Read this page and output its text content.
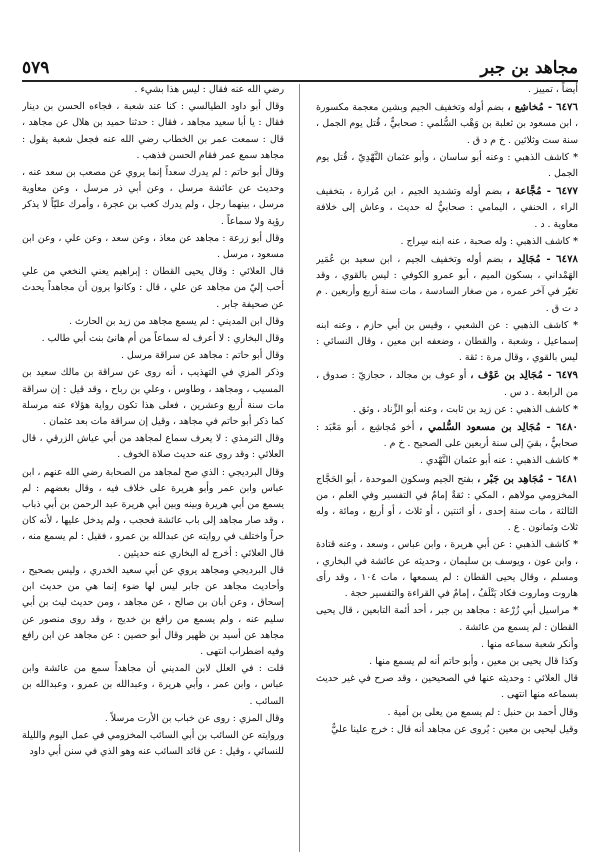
مجاهد بن جبر
٥٧٩

أيضاً ، تمييز .

٦٤٧٦ - مُخاشِع ، بضم أوله وتخفيف الجيم وبشين معجمة مكسورة ، ابن مسعود بن ثعلبة بن وَهْب السُّلمي : صحابيٌّ ، قُتل يوم الجمل ، سنة ست وثلاثين . خ م د ق .

* كاشف الذهبي : وعنه أبو ساسان ، وأبو عثمان النَّهْدِيّ ، قُتل يوم الجمل .

٦٤٧٧ - مُجَّاعة ، بضم أوله وتشديد الجيم ، ابن مُرارة ، بتخفيف الراء ، الحنفي ، اليمامي : صحابيٌّ له حديث ، وعاش إلى خلافة معاوية . د .

* كاشف الذهبي : وله صحبة ، عنه ابنه سِراج .

٦٤٧٨ - مُجَالِد ، بضم أوله وتخفيف الجيم ، ابن سعيد بن عُمَير الهَمْداني ، بسكون الميم ، أبو عمرو الكوفي : ليس بالقوي ، وقد تغيّر في آخر عمره ، من صغار السادسة ، مات سنة أربع وأربعين . م د ت ق .

* كاشف الذهبي : عن الشعبي ، وقيس بن أبي حازم ، وعنه ابنه إسماعيل ، وشعبة ، والقطان ، وضعفه ابن معين ، وقال النسائي : ليس بالقوي ، وقال مرة : ثقة .

٦٤٧٩ - مُجَالِد بن عَوْف ، أو عوف بن مجالد ، حجازيّ : صدوق ، من الرابعة . د س .

* كاشف الذهبي : عن زيد بن ثابت ، وعنه أبو الزِّناد ، وثق .

٦٤٨٠ - مُجَالِد بن مسعود السُّلمي ، أخو مُجاشِع ، أبو مَعْبَد : صحابيٌّ ، بقيَ إلى سنة أربعين على الصحيح . خ م .

* كاشف الذهبي : عنه أبو عثمان النَّهْدي .

٦٤٨١ - مُجَاهِد بن جَبْر ، بفتح الجيم وسكون الموحدة ، أبو الحَجَّاج المخزومي مولاهم ، المكي : ثقةٌ إمامٌ في التفسير وفي العلم ، من الثالثة ، مات سنة إحدى ، أو اثنتين ، أو ثلاث ، أو أربع ، ومائة ، وله ثلاث وثمانون . ع .

* كاشف الذهبي : عن أبي هريرة ، وابن عباس ، وسعد ، وعنه قتادة ، وابن عون ، ويوسف بن سليمان ، وحديثه عن عائشة في البخاري ، ومسلم ، وقال يحيى القطان : لم يسمعها ، مات ١٠٤ ، وقد رأى هاروت وماروت فكاد يَتْلَفُ ، إمامٌ في القراءة والتفسير حجة .

* مراسيل أبي زُرْعة : مجاهد بن جبر ، أحد أئمة التابعين ، قال يحيى القطان : لم يسمع من عائشة .

وأنكر شعبة سماعه منها .

وكذا قال يحيى بن معين ، وأبو حاتم أنه لم يسمع منها .

قال العلائي : وحديثه عنها في الصحيحين ، وقد صرح في غير حديث بسماعه منها انتهى .

وقال أحمد بن حنبل : لم يسمع من يعلى بن أمية .

وقيل ليحيى بن معين : يُروى عن مجاهد أنه قال : خرج علينا عليٌّ

رضي الله عنه فقال : ليس هذا بشيء .

وقال أبو داود الطيالسي : كنا عند شعبة ، فجاءه الحسن بن دينار فقال : يا أبا سعيد مجاهد ، فقال : حدثنا حميد بن هلال عن مجاهد ، قال : سمعت عمر بن الخطاب رضي الله عنه فجعل شعبة يقول : مجاهد سمع عمر فقام الحسن فذهب .

وقال أبو حاتم : لم يدرك سعداً إنما يروي عن مصعب بن سعد عنه ، وحديث عن عائشة مرسل ، وعن أبي ذر مرسل ، وعن معاوية مرسل ، بينهما رجل ، ولم يدرك كعب بن عجرة ، وأمرك عليّاً لا يذكر رؤية ولا سماعاً .

وقال أبو زرعة : مجاهد عن معاذ ، وعن سعد ، وعن علي ، وعن ابن مسعود ، مرسل .

قال العلائي : وقال يحيى القطان : إبراهيم يعني النخعي من علي أحب إليّ من مجاهد عن علي ، قال : وكانوا يرون أن مجاهداً يحدث عن صحيفة جابر .

وقال ابن المديني : لم يسمع مجاهد من زيد بن الحارث .

وقال البخاري : لا أعرف له سماعاً من أم هانئ بنت أبي طالب .

وقال أبو حاتم : مجاهد عن سراقة مرسل .

وذكر المزي في التهذيب ، أنه روى عن سراقة بن مالك سعيد بن المسيب ، ومجاهد ، وطاوس ، وعلي بن رباح ، وقد قيل : إن سراقة مات سنة أربع وعشرين ، فعلى هذا تكون رواية هؤلاء عنه مرسلة كما ذكر أبو حاتم في مجاهد ، وقيل إن سراقة مات بعد عثمان .

وقال الترمذي : لا يعرف سماع لمجاهد من أبي عياش الزرقي ، قال العلائي : وقد روى عنه حديث صلاة الخوف .

وقال البرديجي : الذي صح لمجاهد من الصحابة رضي الله عنهم ، ابن عباس وابن عمر وأبو هريرة على خلاف فيه ، وقال بعضهم : لم يسمع من أبي هريرة وبينه وبين أبي هريرة عبد الرحمن بن أبي ذباب ، وقد صار مجاهد إلى باب عائشة فحجب ، ولم يدخل عليها ، لأنه كان حراً واختلف في روايته عن عبدالله بن عمرو ، فقيل : لم يسمع منه ، قال العلائي : أخرج له البخاري عنه حديثين .

قال البرديجي ومجاهد يروي عن أبي سعيد الخدري ، وليس بصحيح ، وأحاديث مجاهد عن جابر ليس لها ضوء إنما هي من حديث ابن إسحاق ، وعن أبان بن صالح ، عن مجاهد ، ومن حديث ليث بن أبي سليم عنه ، ولم يسمع من رافع بن خديج ، وقد روى منصور عن مجاهد عن أسيد بن ظهير وقال أبو حصين : عن مجاهد عن ابن رافع وفيه اضطراب انتهى .

قلت : في العلل لابن المديني أن مجاهداً سمع من عائشة وابن عباس ، وابن عمر ، وأبي هريرة ، وعبدالله بن عمرو ، وعبدالله بن السائب .

وقال المزي : روى عن خباب بن الأرت مرسلاً .

وروايته عن السائب بن أبي السائب المخزومي في عمل اليوم والليلة للنسائي ، وقيل : عن قائد السائب عنه وهو الذي في سنن أبي داود
